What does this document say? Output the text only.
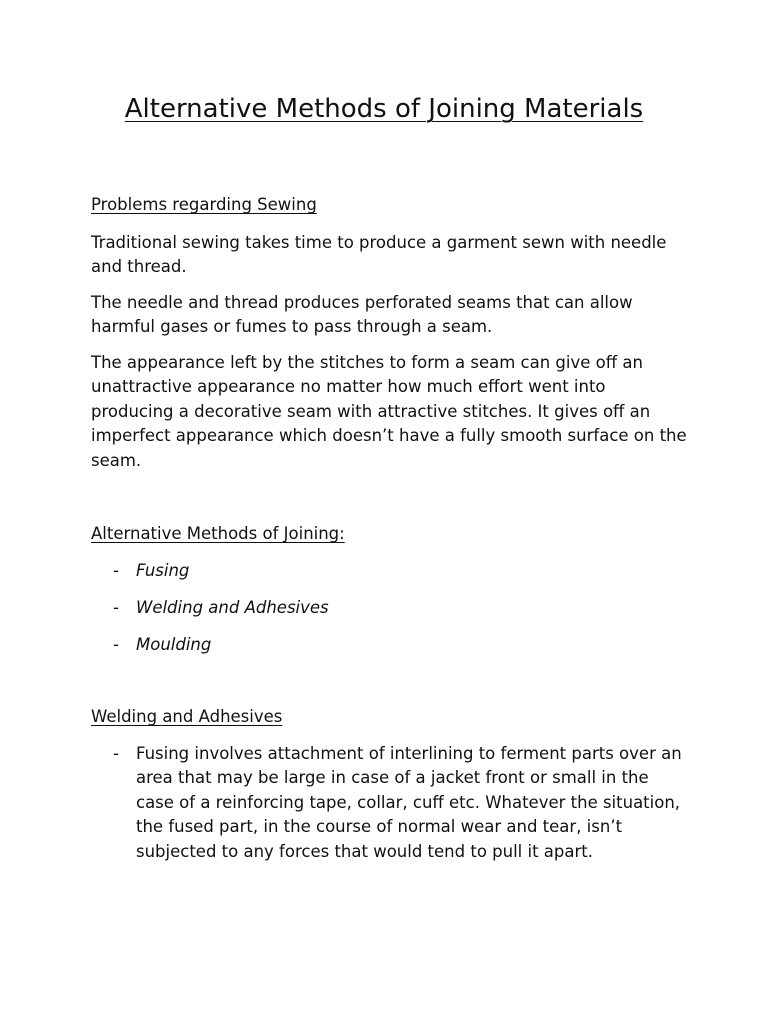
Alternative Methods of Joining Materials
Problems regarding Sewing

Traditional sewing takes time to produce a garment sewn with needle and thread.

The needle and thread produces perforated seams that can allow harmful gases or fumes to pass through a seam.

The appearance left by the stitches to form a seam can give off an unattractive appearance no matter how much effort went into producing a decorative seam with attractive stitches. It gives off an imperfect appearance which doesn’t have a fully smooth surface on the seam.

Alternative Methods of Joining:
- Fusing
- Welding and Adhesives
- Moulding
Welding and Adhesives
- Fusing involves attachment of interlining to ferment parts over an area that may be large in case of a jacket front or small in the case of a reinforcing tape, collar, cuff etc. Whatever the situation, the fused part, in the course of normal wear and tear, isn’t subjected to any forces that would tend to pull it apart.
